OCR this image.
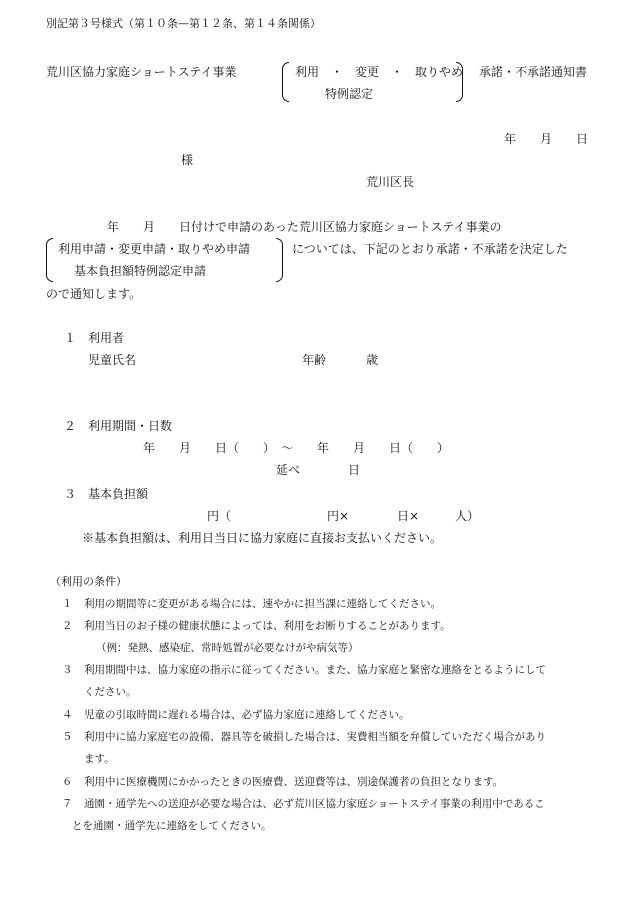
別記第３号様式（第１０条—第１２条、第１４条関係）
荒川区協力家庭ショートステイ事業	利用　・　変更　・　取りやめ
特例認定
承諾・不承諾通知書
年　　月　　日
様
荒川区長
年　　月　　日付けで申請のあった荒川区協力家庭ショートステイ事業の
利用申請・変更申請・取りやめ申請
基本負担額特例認定申請
については、下記のとおり承諾・不承諾を決定した
ので通知します。
１　利用者
児童氏名	年齢	歳
２　利用期間・日数
年　　月　　日（　　）　〜　　年　　月　　日（　　）
延べ　　　　日
３　基本負担額
円（　　　　　　　　円×　　　　日×　　　人）
※基本負担額は、利用日当日に協力家庭に直接お支払いください。
（利用の条件）
１ 利用の期間等に変更がある場合には、速やかに担当課に連絡してください。
２ 利用当日のお子様の健康状態によっては、利用をお断りすることがあります。
（例：発熱、感染症、常時処置が必要なけがや病気等）
３ 利用期間中は、協力家庭の指示に従ってください。また、協力家庭と緊密な連絡をとるようにして
ください。
４ 児童の引取時間に遅れる場合は、必ず協力家庭に連絡してください。
５ 利用中に協力家庭宅の設備、器具等を破損した場合は、実費相当額を弁償していただく場合があり
ます。
６ 利用中に医療機関にかかったときの医療費、送迎費等は、別途保護者の負担となります。
７ 通園・通学先への送迎が必要な場合は、必ず荒川区協力家庭ショートステイ事業の利用中であるこ
とを通園・通学先に連絡をしてください。
